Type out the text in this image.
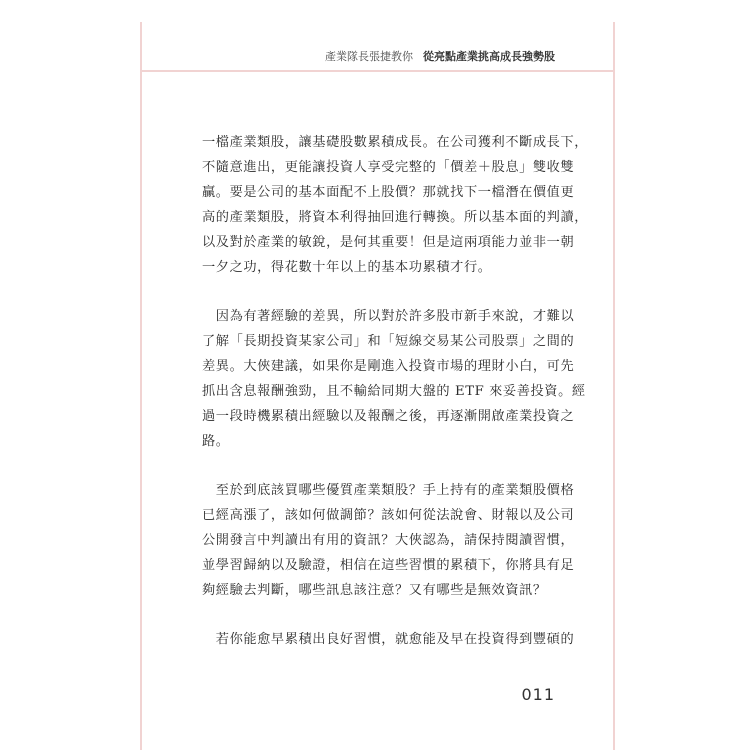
產業隊長張捷教你 從亮點產業挑高成長強勢股
一檔產業類股，讓基礎股數累積成長。在公司獲利不斷成長下，
不隨意進出，更能讓投資人享受完整的「價差＋股息」雙收雙
贏。要是公司的基本面配不上股價？那就找下一檔潛在價值更
高的產業類股，將資本利得抽回進行轉換。所以基本面的判讀，
以及對於產業的敏銳，是何其重要！但是這兩項能力並非一朝
一夕之功，得花數十年以上的基本功累積才行。
　因為有著經驗的差異，所以對於許多股市新手來說，才難以
了解「長期投資某家公司」和「短線交易某公司股票」之間的
差異。大俠建議，如果你是剛進入投資市場的理財小白，可先
抓出含息報酬強勁，且不輸給同期大盤的 ETF 來妥善投資。經
過一段時機累積出經驗以及報酬之後，再逐漸開啟產業投資之
路。
　至於到底該買哪些優質產業類股？手上持有的產業類股價格
已經高漲了，該如何做調節？該如何從法說會、財報以及公司
公開發言中判讀出有用的資訊？大俠認為，請保持閱讀習慣，
並學習歸納以及驗證，相信在這些習慣的累積下，你將具有足
夠經驗去判斷，哪些訊息該注意？又有哪些是無效資訊？
　若你能愈早累積出良好習慣，就愈能及早在投資得到豐碩的
011
